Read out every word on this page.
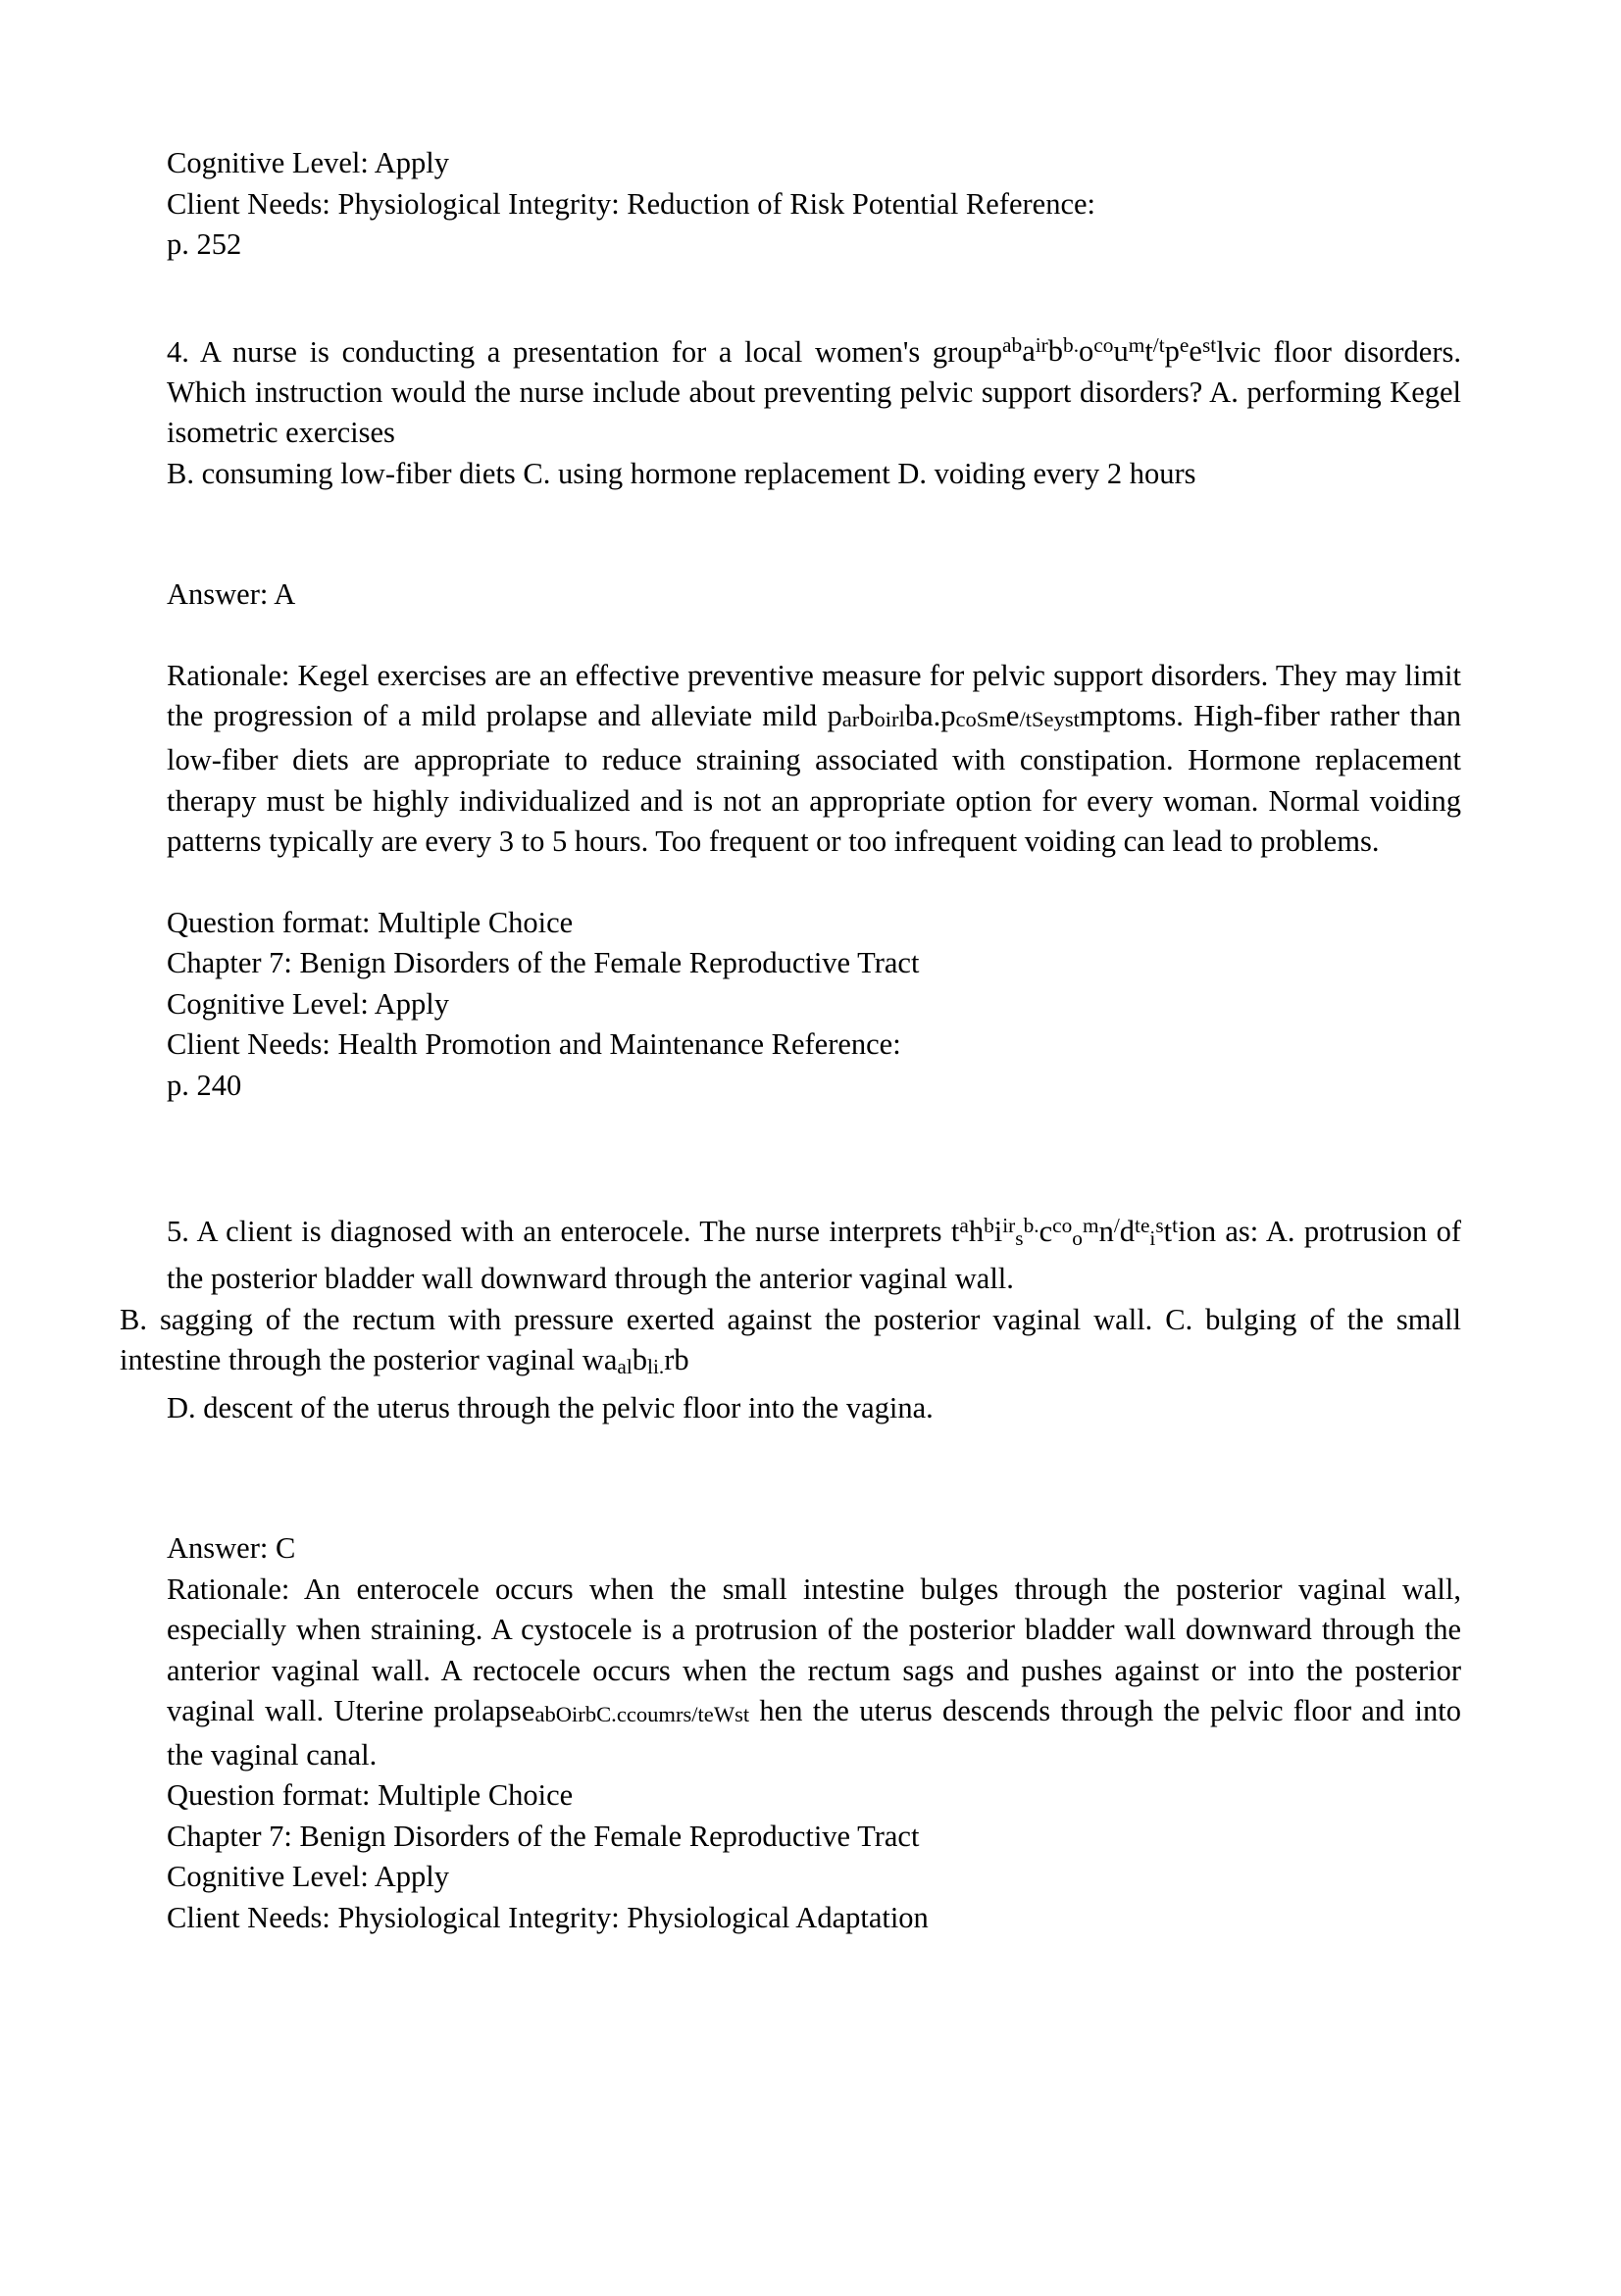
Cognitive Level: Apply
Client Needs: Physiological Integrity: Reduction of Risk Potential Reference:
p. 252
4. A nurse is conducting a presentation for a local women's $group^{ab}a^{ir}b^{b.}o^{co}u^mt^{/t}p^ee^{st}lvic$ floor disorders. Which instruction would the nurse include about preventing pelvic support disorders? A. performing Kegel isometric exercises
B. consuming low-fiber diets C. using hormone replacement D. voiding every 2 hours
Answer: A
Rationale: Kegel exercises are an effective preventive measure for pelvic support disorders. They may limit the progression of a mild prolapse and alleviate mild parboirlba.pcoSme/tSeystmptoms. High-fiber rather than low-fiber diets are appropriate to reduce straining associated with constipation. Hormone replacement therapy must be highly individualized and is not an appropriate option for every woman. Normal voiding patterns typically are every 3 to 5 hours. Too frequent or too infrequent voiding can lead to problems.
Question format: Multiple Choice
Chapter 7: Benign Disorders of the Female Reproductive Tract
Cognitive Level: Apply
Client Needs: Health Promotion and Maintenance Reference:
p. 240
5. A client is diagnosed with an enterocele. The nurse interprets $t^ah^bi^{ir}s^{b.}c^{co}o^mn^/d^{te}i^st^tion$ as: A. protrusion of the posterior bladder wall downward through the anterior vaginal wall.
B. sagging of the rectum with pressure exerted against the posterior vaginal wall. C. bulging of the small intestine through the posterior vaginal waalbli.rb
D. descent of the uterus through the pelvic floor into the vagina.
Answer: C
Rationale: An enterocele occurs when the small intestine bulges through the posterior vaginal wall, especially when straining. A cystocele is a protrusion of the posterior bladder wall downward through the anterior vaginal wall. A rectocele occurs when the rectum sags and pushes against or into the posterior vaginal wall. Uterine prolapseabOirbC.ccoumrs/teWst hen the uterus descends through the pelvic floor and into the vaginal canal.
Question format: Multiple Choice
Chapter 7: Benign Disorders of the Female Reproductive Tract
Cognitive Level: Apply
Client Needs: Physiological Integrity: Physiological Adaptation
